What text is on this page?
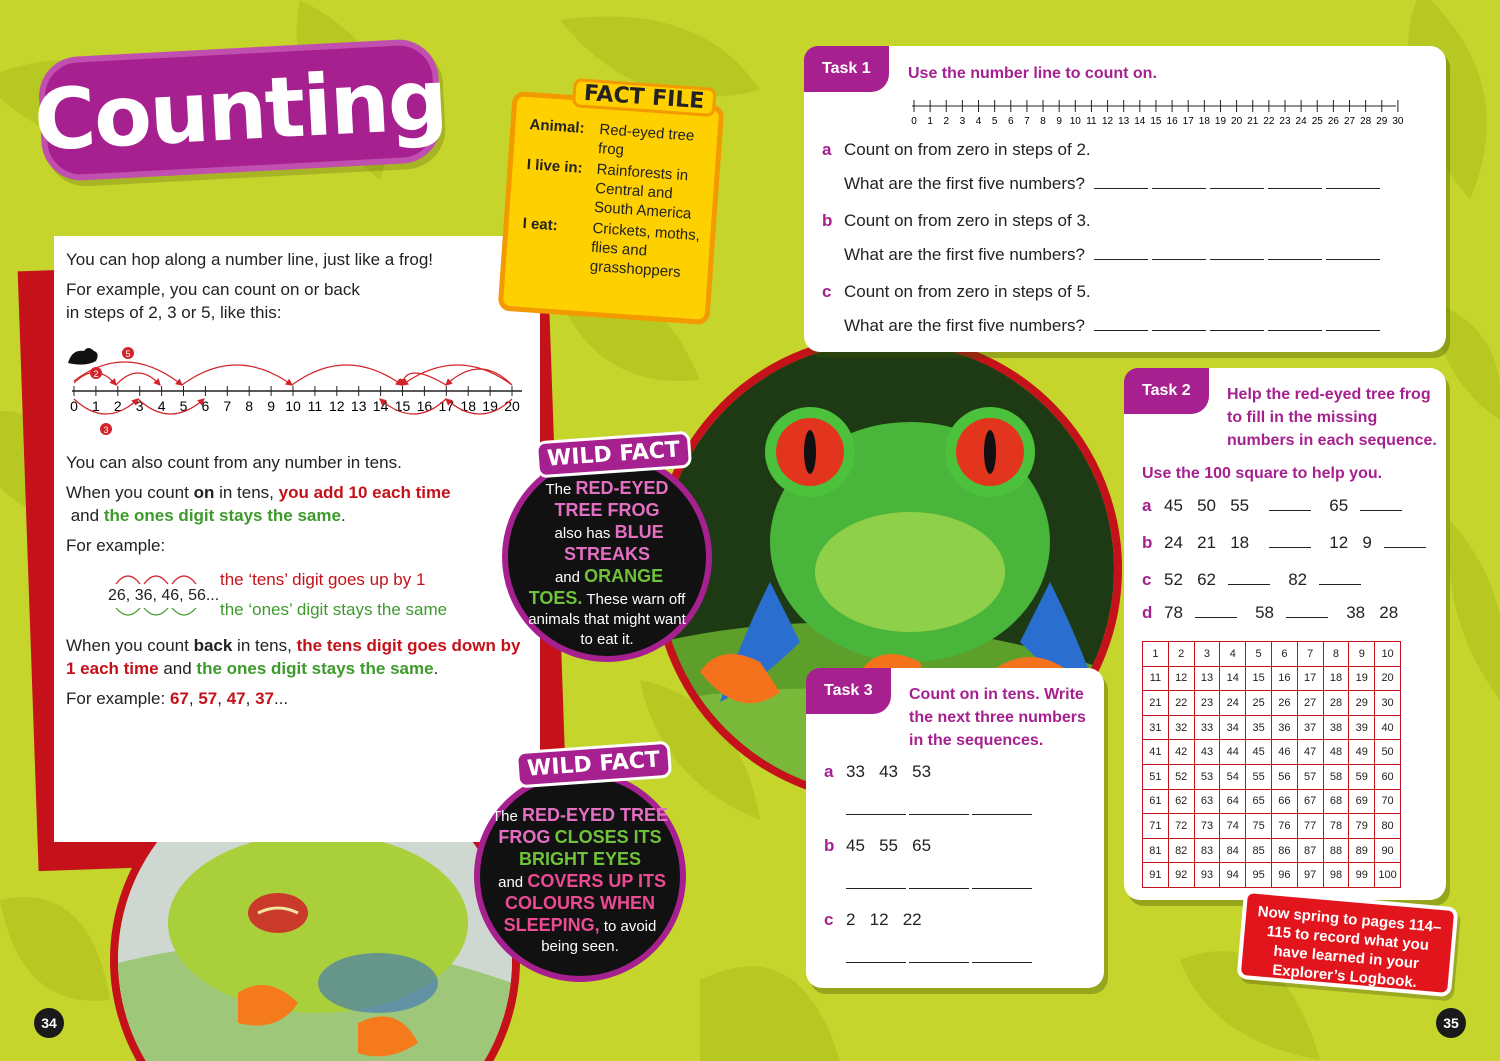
Counting	FACT FILE
Animal: Red-eyed tree frog
I live in: Rainforests in Central and South America
I eat:	Crickets, moths, flies and grasshoppers

You can hop along a number line, just like a frog!

For example, you can count on or back in steps of 2, 3 or 5, like this:

0 1 2 3 4 5 6 7 8 9 10 11 12 13 14 15 16 17 18 19 20
5
2
3

You can also count from any number in tens.

When you count on in tens, you add 10 each time
and the ones digit stays the same.

For example:

26, 36, 46, 56...
the ‘tens’ digit goes up by 1
the ‘ones’ digit stays the same

When you count back in tens, the tens digit goes down by 1 each time and the ones digit stays the same.

For example: 67, 57, 47, 37...

WILD FACT
The RED-EYED TREE FROG also has BLUE STREAKS and ORANGE TOES. These warn off animals that might want to eat it.
WILD FACT
The RED-EYED TREE FROG CLOSES ITS BRIGHT EYES and COVERS UP ITS COLOURS WHEN SLEEPING, to avoid being seen.
Task 1	Use the number line to count on.
0 1 2 3 4 5 6 7 8 9 10 11 12 13 14 15 16 17 18 19 20 21 22 23 24 25 26 27 28 29 30
a Count on from zero in steps of 2.
What are the first five numbers?
b Count on from zero in steps of 3.
What are the first five numbers?
c Count on from zero in steps of 5.
What are the first five numbers?
Task 2	Help the red-eyed tree frog to fill in the missing numbers in each sequence.
Use the 100 square to help you.
a 45 50 55	65
b 24 21 18	12 9
c 52 62	82
d 78	58	38 28
1	2	3	4	5	6	7	8	9	10
11	12	13	14	15	16	17	18	19	20
21	22	23	24	25	26	27	28	29	30
31	32	33	34	35	36	37	38	39	40
41	42	43	44	45	46	47	48	49	50
51	52	53	54	55	56	57	58	59	60
61	62	63	64	65	66	67	68	69	70
71	72	73	74	75	76	77	78	79	80
81	82	83	84	85	86	87	88	89	90
91	92	93	94	95	96	97	98	99	100
Task 3	Count on in tens. Write the next three numbers in the sequences.
a 33   43   53
b 45   55   65
c 2   12   22	Now spring to pages 114–115 to record what you have learned in your Explorer’s Logbook.
34	35
